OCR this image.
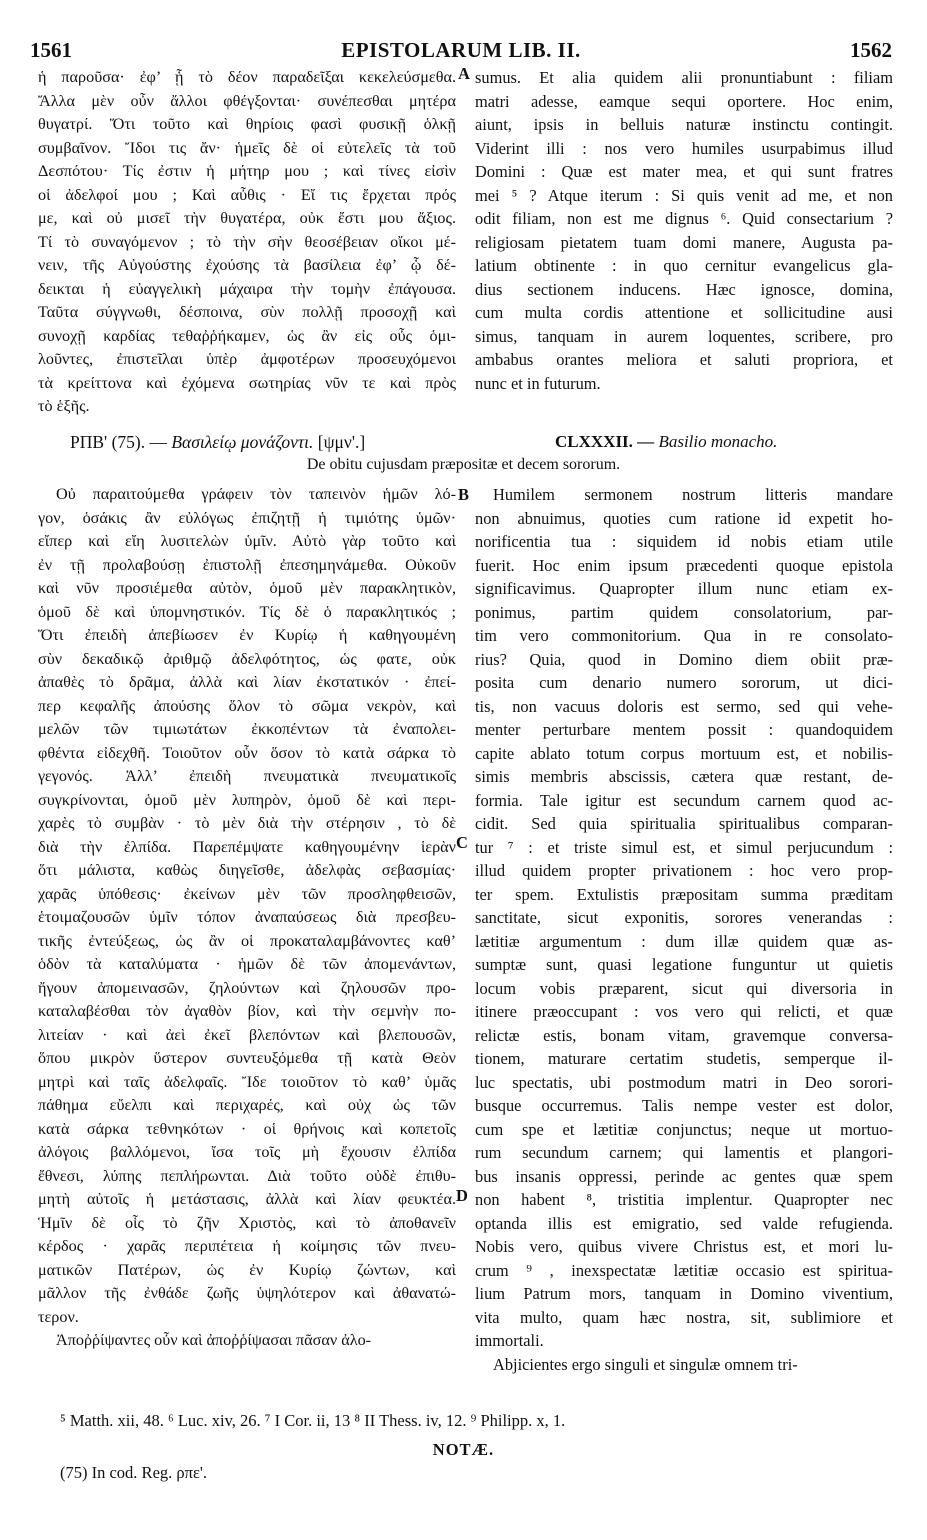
1561	EPISTOLARUM LIB. II.	1562
ἡ παροῦσα· ἐφ’ ᾗ τὸ δέον παραδεῖξαι κεκελεύσμεθα.
Ἄλλα μὲν οὖν ἄλλοι φθέγξονται· συνέπεσθαι μητέρα
θυγατρί. Ὅτι τοῦτο καὶ θηρίοις φασὶ φυσικῇ ὁλκῇ
συμβαῖνον. Ἴδοι τις ἄν· ἡμεῖς δὲ οἱ εὐτελεῖς τὰ τοῦ
Δεσπότου· Τίς ἐστιν ἡ μήτηρ μου ; καὶ τίνες εἰσὶν
οἱ ἀδελφοί μου ; Καὶ αὖθις · Εἴ τις ἔρχεται πρός
με, καὶ οὐ μισεῖ τὴν θυγατέρα, οὐκ ἔστι μου ἄξιος.
Τί τὸ συναγόμενον ; τὸ τὴν σὴν θεοσέβειαν οἴκοι μέ-
νειν, τῆς Αὐγούστης ἐχούσης τὰ βασίλεια ἐφ’ ᾧ δέ-
δεικται ἡ εὐαγγελικὴ μάχαιρα τὴν τομὴν ἐπάγουσα.
Ταῦτα σύγγνωθι, δέσποινα, σὺν πολλῇ προσοχῇ καὶ
συνοχῇ καρδίας τεθαῤῥήκαμεν, ὡς ἂν εἰς οὖς ὁμι-
λοῦντες, ἐπιστεῖλαι ὑπὲρ ἀμφοτέρων προσευχόμενοι
τὰ κρείττονα καὶ ἐχόμενα σωτηρίας νῦν τε καὶ πρὸς
τὸ ἑξῆς.
sumus. Et alia quidem alii pronuntiabunt : filiam
matri adesse, eamque sequi oportere. Hoc enim,
aiunt, ipsis in belluis naturæ instinctu contingit.
Viderint illi : nos vero humiles usurpabimus illud
Domini : Quæ est mater mea, et qui sunt fratres
mei ⁵ ? Atque iterum : Si quis venit ad me, et non
odit filiam, non est me dignus ⁶. Quid consectarium ?
religiosam pietatem tuam domi manere, Augusta pa-
latium obtinente : in quo cernitur evangelicus gla-
dius sectionem inducens. Hæc ignosce, domina,
cum multa cordis attentione et sollicitudine ausi
simus, tanquam in aurem loquentes, scribere, pro
ambabus orantes meliora et saluti propriora, et
nunc et in futurum.
A
ΡΠΒ' (75). — Βασιλείῳ μονάζοντι. [ψμν'.]	CLXXXII. — Basilio monacho.
De obitu cujusdam præpositæ et decem sororum.
Οὐ παραιτούμεθα γράφειν τὸν ταπεινὸν ἡμῶν λό-
γον, ὁσάκις ἂν εὐλόγως ἐπιζητῇ ἡ τιμιότης ὑμῶν·
εἴπερ καὶ εἴη λυσιτελὼν ὑμῖν. Αὐτὸ γὰρ τοῦτο καὶ
ἐν τῇ προλαβούσῃ ἐπιστολῇ ἐπεσημηνάμεθα. Οὐκοῦν
καὶ νῦν προσιέμεθα αὐτὸν, ὁμοῦ μὲν παρακλητικὸν,
ὁμοῦ δὲ καὶ ὑπομνηστικόν. Τίς δὲ ὁ παρακλητικός ;
Ὅτι ἐπειδὴ ἀπεβίωσεν ἐν Κυρίῳ ἡ καθηγουμένη
σὺν δεκαδικῷ ἀριθμῷ ἀδελφότητος, ὡς φατε, οὐκ
ἀπαθὲς τὸ δρᾶμα, ἀλλὰ καὶ λίαν ἐκστατικόν · ἐπεί-
περ κεφαλῆς ἀπούσης ὅλον τὸ σῶμα νεκρὸν, καὶ
μελῶν τῶν τιμιωτάτων ἐκκοπέντων τὰ ἐναπολει-
φθέντα εἰδεχθῆ. Τοιοῦτον οὖν ὅσον τὸ κατὰ σάρκα τὸ
γεγονός. Ἀλλ’ ἐπειδὴ πνευματικὰ πνευματικοῖς
συγκρίνονται, ὁμοῦ μὲν λυπηρὸν, ὁμοῦ δὲ καὶ περι-
χαρὲς τὸ συμβὰν · τὸ μὲν διὰ τὴν στέρησιν , τὸ δὲ
διὰ τὴν ἐλπίδα. Παρεπέμψατε καθηγουμένην ἱερὰν
ὅτι μάλιστα, καθὼς διηγεῖσθε, ἀδελφὰς σεβασμίας·
χαρᾶς ὑπόθεσις· ἐκείνων μὲν τῶν προσληφθεισῶν,
ἑτοιμαζουσῶν ὑμῖν τόπον ἀναπαύσεως διὰ πρεσβευ-
τικῆς ἐντεύξεως, ὡς ἂν οἱ προκαταλαμβάνοντες καθ’
ὁδὸν τὰ καταλύματα · ἡμῶν δὲ τῶν ἀπομενάντων,
ἤγουν ἀπομεινασῶν, ζηλούντων καὶ ζηλουσῶν προ-
καταλαβέσθαι τὸν ἀγαθὸν βίον, καὶ τὴν σεμνὴν πο-
λιτείαν · καὶ ἀεὶ ἐκεῖ βλεπόντων καὶ βλεπουσῶν,
ὅπου μικρὸν ὕστερον συντευξόμεθα τῇ κατὰ Θεὸν
μητρὶ καὶ ταῖς ἀδελφαῖς. Ἴδε τοιοῦτον τὸ καθ’ ὑμᾶς
πάθημα εὔελπι καὶ περιχαρές, καὶ οὐχ ὡς τῶν
κατὰ σάρκα τεθνηκότων · οἱ θρήνοις καὶ κοπετοῖς
ἀλόγοις βαλλόμενοι, ἴσα τοῖς μὴ ἔχουσιν ἐλπίδα
ἔθνεσι, λύπης πεπλήρωνται. Διὰ τοῦτο οὐδὲ ἐπιθυ-
μητὴ αὐτοῖς ἡ μετάστασις, ἀλλὰ καὶ λίαν φευκτέα.
Ἡμῖν δὲ οἷς τὸ ζῆν Χριστὸς, καὶ τὸ ἀποθανεῖν
κέρδος · χαρᾶς περιπέτεια ἡ κοίμησις τῶν πνευ-
ματικῶν Πατέρων, ὡς ἐν Κυρίῳ ζώντων, καὶ
μᾶλλον τῆς ἐνθάδε ζωῆς ὑψηλότερον καὶ ἀθανατώ-
τερον.
Ἀποῤῥίψαντες οὖν καὶ ἀποῤῥίψασαι πᾶσαν ἀλο-
Humilem sermonem nostrum litteris mandare
non abnuimus, quoties cum ratione id expetit ho-
norificentia tua : siquidem id nobis etiam utile
fuerit. Hoc enim ipsum præcedenti quoque epistola
significavimus. Quapropter illum nunc etiam ex-
ponimus, partim quidem consolatorium, par-
tim vero commonitorium. Qua in re consolato-
rius? Quia, quod in Domino diem obiit præ-
posita cum denario numero sororum, ut dici-
tis, non vacuus doloris est sermo, sed qui vehe-
menter perturbare mentem possit : quandoquidem
capite ablato totum corpus mortuum est, et nobilis-
simis membris abscissis, cætera quæ restant, de-
formia. Tale igitur est secundum carnem quod ac-
cidit. Sed quia spiritualia spiritualibus comparan-
tur ⁷ : et triste simul est, et simul perjucundum :
illud quidem propter privationem : hoc vero prop-
ter spem. Extulistis præpositam summa præditam
sanctitate, sicut exponitis, sorores venerandas :
lætitiæ argumentum : dum illæ quidem quæ as-
sumptæ sunt, quasi legatione funguntur ut quietis
locum vobis præparent, sicut qui diversoria in
itinere præoccupant : vos vero qui relicti, et quæ
relictæ estis, bonam vitam, gravemque conversa-
tionem, maturare certatim studetis, semperque il-
luc spectatis, ubi postmodum matri in Deo sorori-
busque occurremus. Talis nempe vester est dolor,
cum spe et lætitiæ conjunctus; neque ut mortuo-
rum secundum carnem; qui lamentis et plangori-
bus insanis oppressi, perinde ac gentes quæ spem
non habent ⁸, tristitia implentur. Quapropter nec
optanda illis est emigratio, sed valde refugienda.
Nobis vero, quibus vivere Christus est, et mori lu-
crum ⁹ , inexspectatæ lætitiæ occasio est spiritua-
lium Patrum mors, tanquam in Domino viventium,
vita multo, quam hæc nostra, sit, sublimiore et
immortali.
Abjicientes ergo singuli et singulæ omnem tri-
B
C
D
⁵ Matth. xii, 48. ⁶ Luc. xiv, 26. ⁷ I Cor. ii, 13 ⁸ II Thess. iv, 12. ⁹ Philipp. x, 1.
NOTÆ.
(75) In cod. Reg. ρπε'.
